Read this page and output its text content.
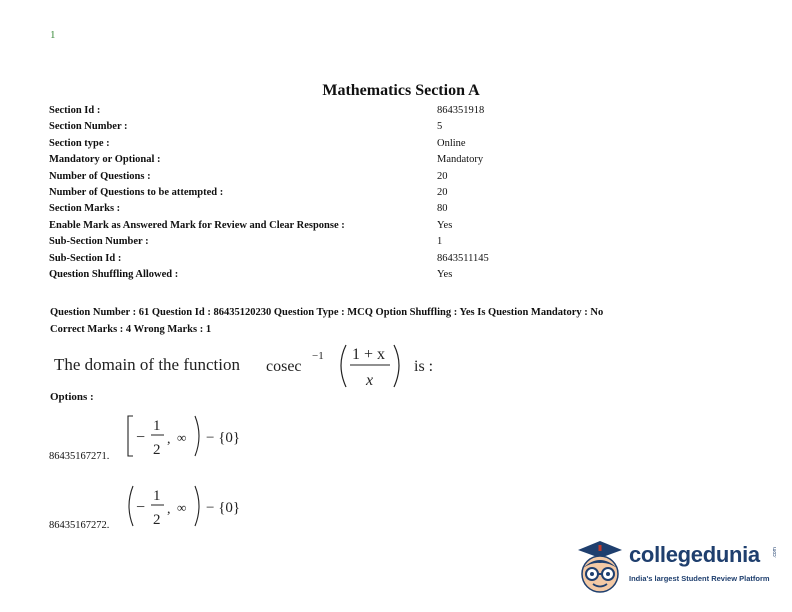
1
Mathematics Section A
Section Id :	864351918
Section Number :	5
Section type :	Online
Mandatory or Optional :	Mandatory
Number of Questions :	20
Number of Questions to be attempted :	20
Section Marks :	80
Enable Mark as Answered Mark for Review and Clear Response :	Yes
Sub-Section Number :	1
Sub-Section Id :	8643511145
Question Shuffling Allowed :	Yes
Question Number : 61 Question Id : 86435120230 Question Type : MCQ Option Shuffling : Yes Is Question Mandatory : No
Correct Marks : 4 Wrong Marks : 1
The domain of the function cosec
−1 1 + x
x
is :
Options :
86435167271.
−
1
2
, ∞ − {0}
86435167272.
−
1
2
, ∞ − {0}
collegedunia .com
India's largest Student Review Platform
